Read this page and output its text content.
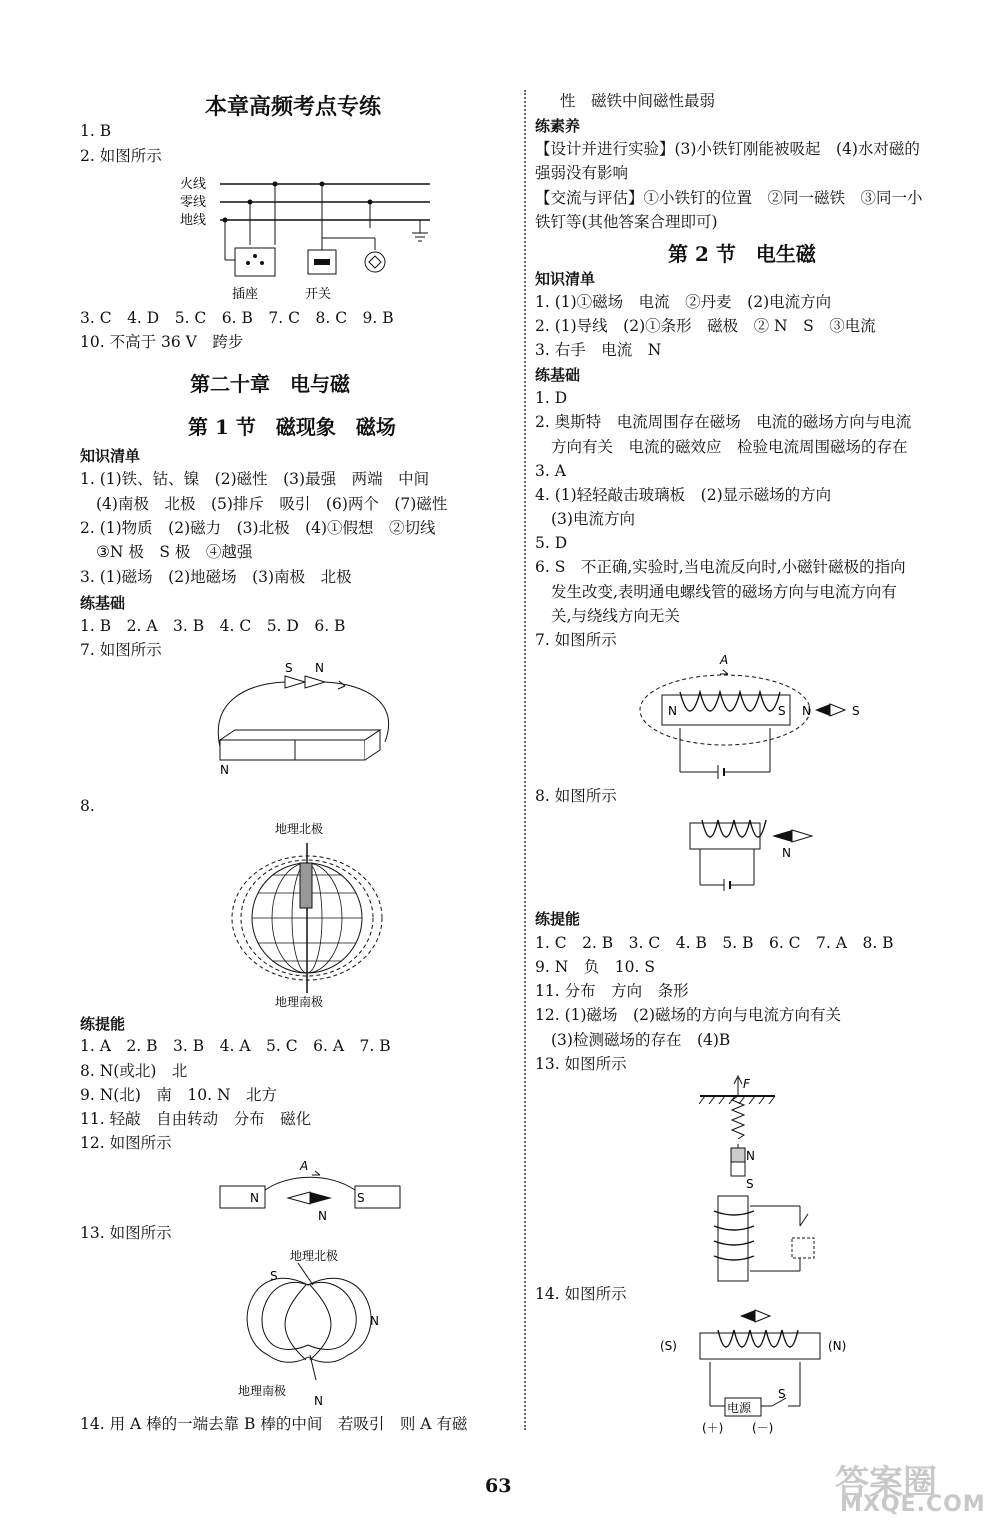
本章高频考点专练
1. B
2. 如图所示
火线
零线
地线
插座	开关
3. C　4. D　5. C　6. B　7. C　8. C　9. B
10. 不高于 36 V　跨步
第二十章　电与磁
第 1 节　磁现象　磁场
知识清单
1. (1)铁、钴、镍　(2)磁性　(3)最强　两端　中间
(4)南极　北极　(5)排斥　吸引　(6)两个　(7)磁性
2. (1)物质　(2)磁力　(3)北极　(4)①假想　②切线
③N 极　S 极　④越强
3. (1)磁场　(2)地磁场　(3)南极　北极
练基础
1. B　2. A　3. B　4. C　5. D　6. B
7. 如图所示
S N
N
8.
地理北极
地理南极
练提能
1. A　2. B　3. B　4. A　5. C　6. A　7. B
8. N(或北)　北
9. N(北)　南　10. N　北方
11. 轻敲　自由转动　分布　磁化
12. 如图所示
A
N	S
N
13. 如图所示
地理北极
S
N
地理南极
N
14. 用 A 棒的一端去靠 B 棒的中间　若吸引　则 A 有磁
性　磁铁中间磁性最弱
练素养
【设计并进行实验】(3)小铁钉刚能被吸起　(4)水对磁的
强弱没有影响
【交流与评估】①小铁钉的位置　②同一磁铁　③同一小
铁钉等(其他答案合理即可)
第 2 节　电生磁
知识清单
1. (1)①磁场　电流　②丹麦　(2)电流方向
2. (1)导线　(2)①条形　磁极　② N　S　③电流
3. 右手　电流　N
练基础
1. D
2. 奥斯特　电流周围存在磁场　电流的磁场方向与电流
方向有关　电流的磁效应　检验电流周围磁场的存在
3. A
4. (1)轻轻敲击玻璃板　(2)显示磁场的方向
(3)电流方向
5. D
6. S　不正确,实验时,当电流反向时,小磁针磁极的指向
发生改变,表明通电螺线管的磁场方向与电流方向有
关,与绕线方向无关
7. 如图所示
A
N	S N	S
8. 如图所示
N
练提能
1. C　2. B　3. C　4. B　5. B　6. C　7. A　8. B
9. N　负　10. S
11. 分布　方向　条形
12. (1)磁场　(2)磁场的方向与电流方向有关
(3)检测磁场的存在　(4)B
13. 如图所示
F
N
S
14. 如图所示
(S)	(N)
电源
S
(＋) (－)
63	答案圈
MXQE.COM
